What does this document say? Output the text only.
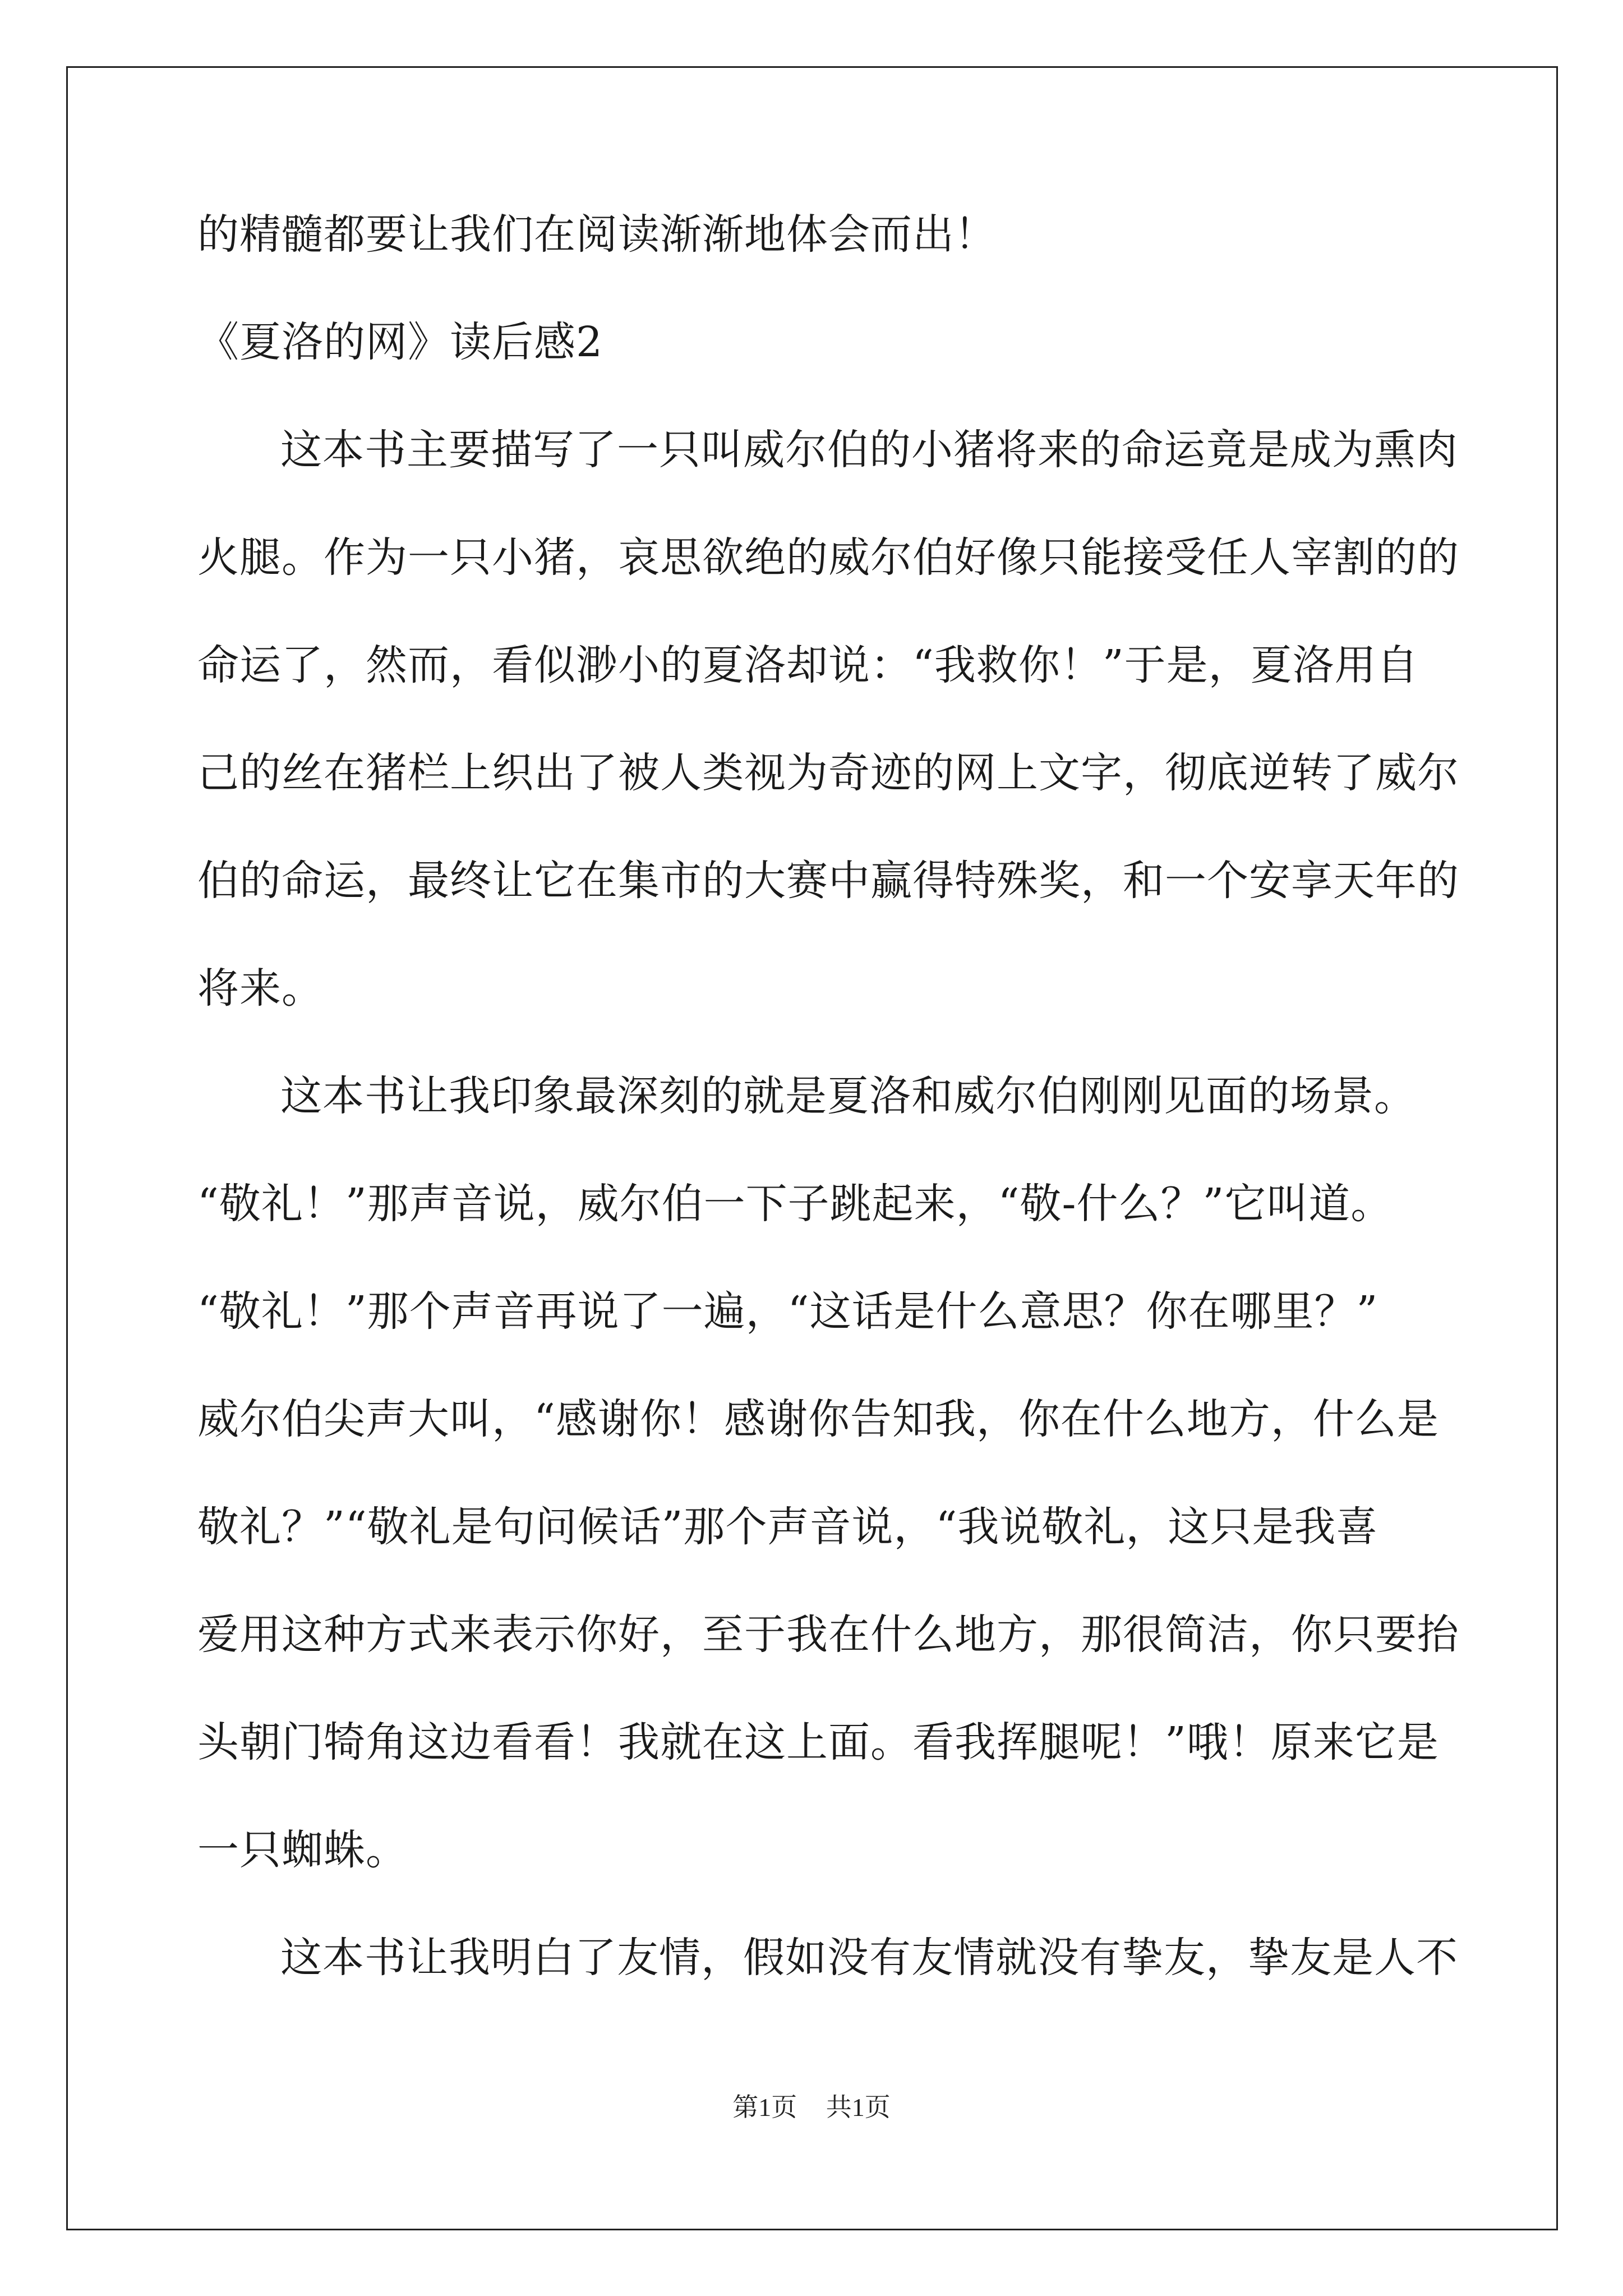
的精髓都要让我们在阅读渐渐地体会而出！
《夏洛的网》读后感2
这本书主要描写了一只叫威尔伯的小猪将来的命运竟是成为熏肉
火腿。作为一只小猪，哀思欲绝的威尔伯好像只能接受任人宰割的的
命运了，然而，看似渺小的夏洛却说：“我救你！”于是，夏洛用自
己的丝在猪栏上织出了被人类视为奇迹的网上文字，彻底逆转了威尔
伯的命运，最终让它在集市的大赛中赢得特殊奖，和一个安享天年的
将来。
这本书让我印象最深刻的就是夏洛和威尔伯刚刚见面的场景。
“敬礼！”那声音说，威尔伯一下子跳起来，“敬-什么？”它叫道。
“敬礼！”那个声音再说了一遍，“这话是什么意思？你在哪里？”
威尔伯尖声大叫，“感谢你！感谢你告知我，你在什么地方，什么是
敬礼？”“敬礼是句问候话”那个声音说，“我说敬礼，这只是我喜
爱用这种方式来表示你好，至于我在什么地方，那很简洁，你只要抬
头朝门犄角这边看看！我就在这上面。看我挥腿呢！”哦！原来它是
一只蜘蛛。
这本书让我明白了友情，假如没有友情就没有挚友，挚友是人不
第1页 共1页
